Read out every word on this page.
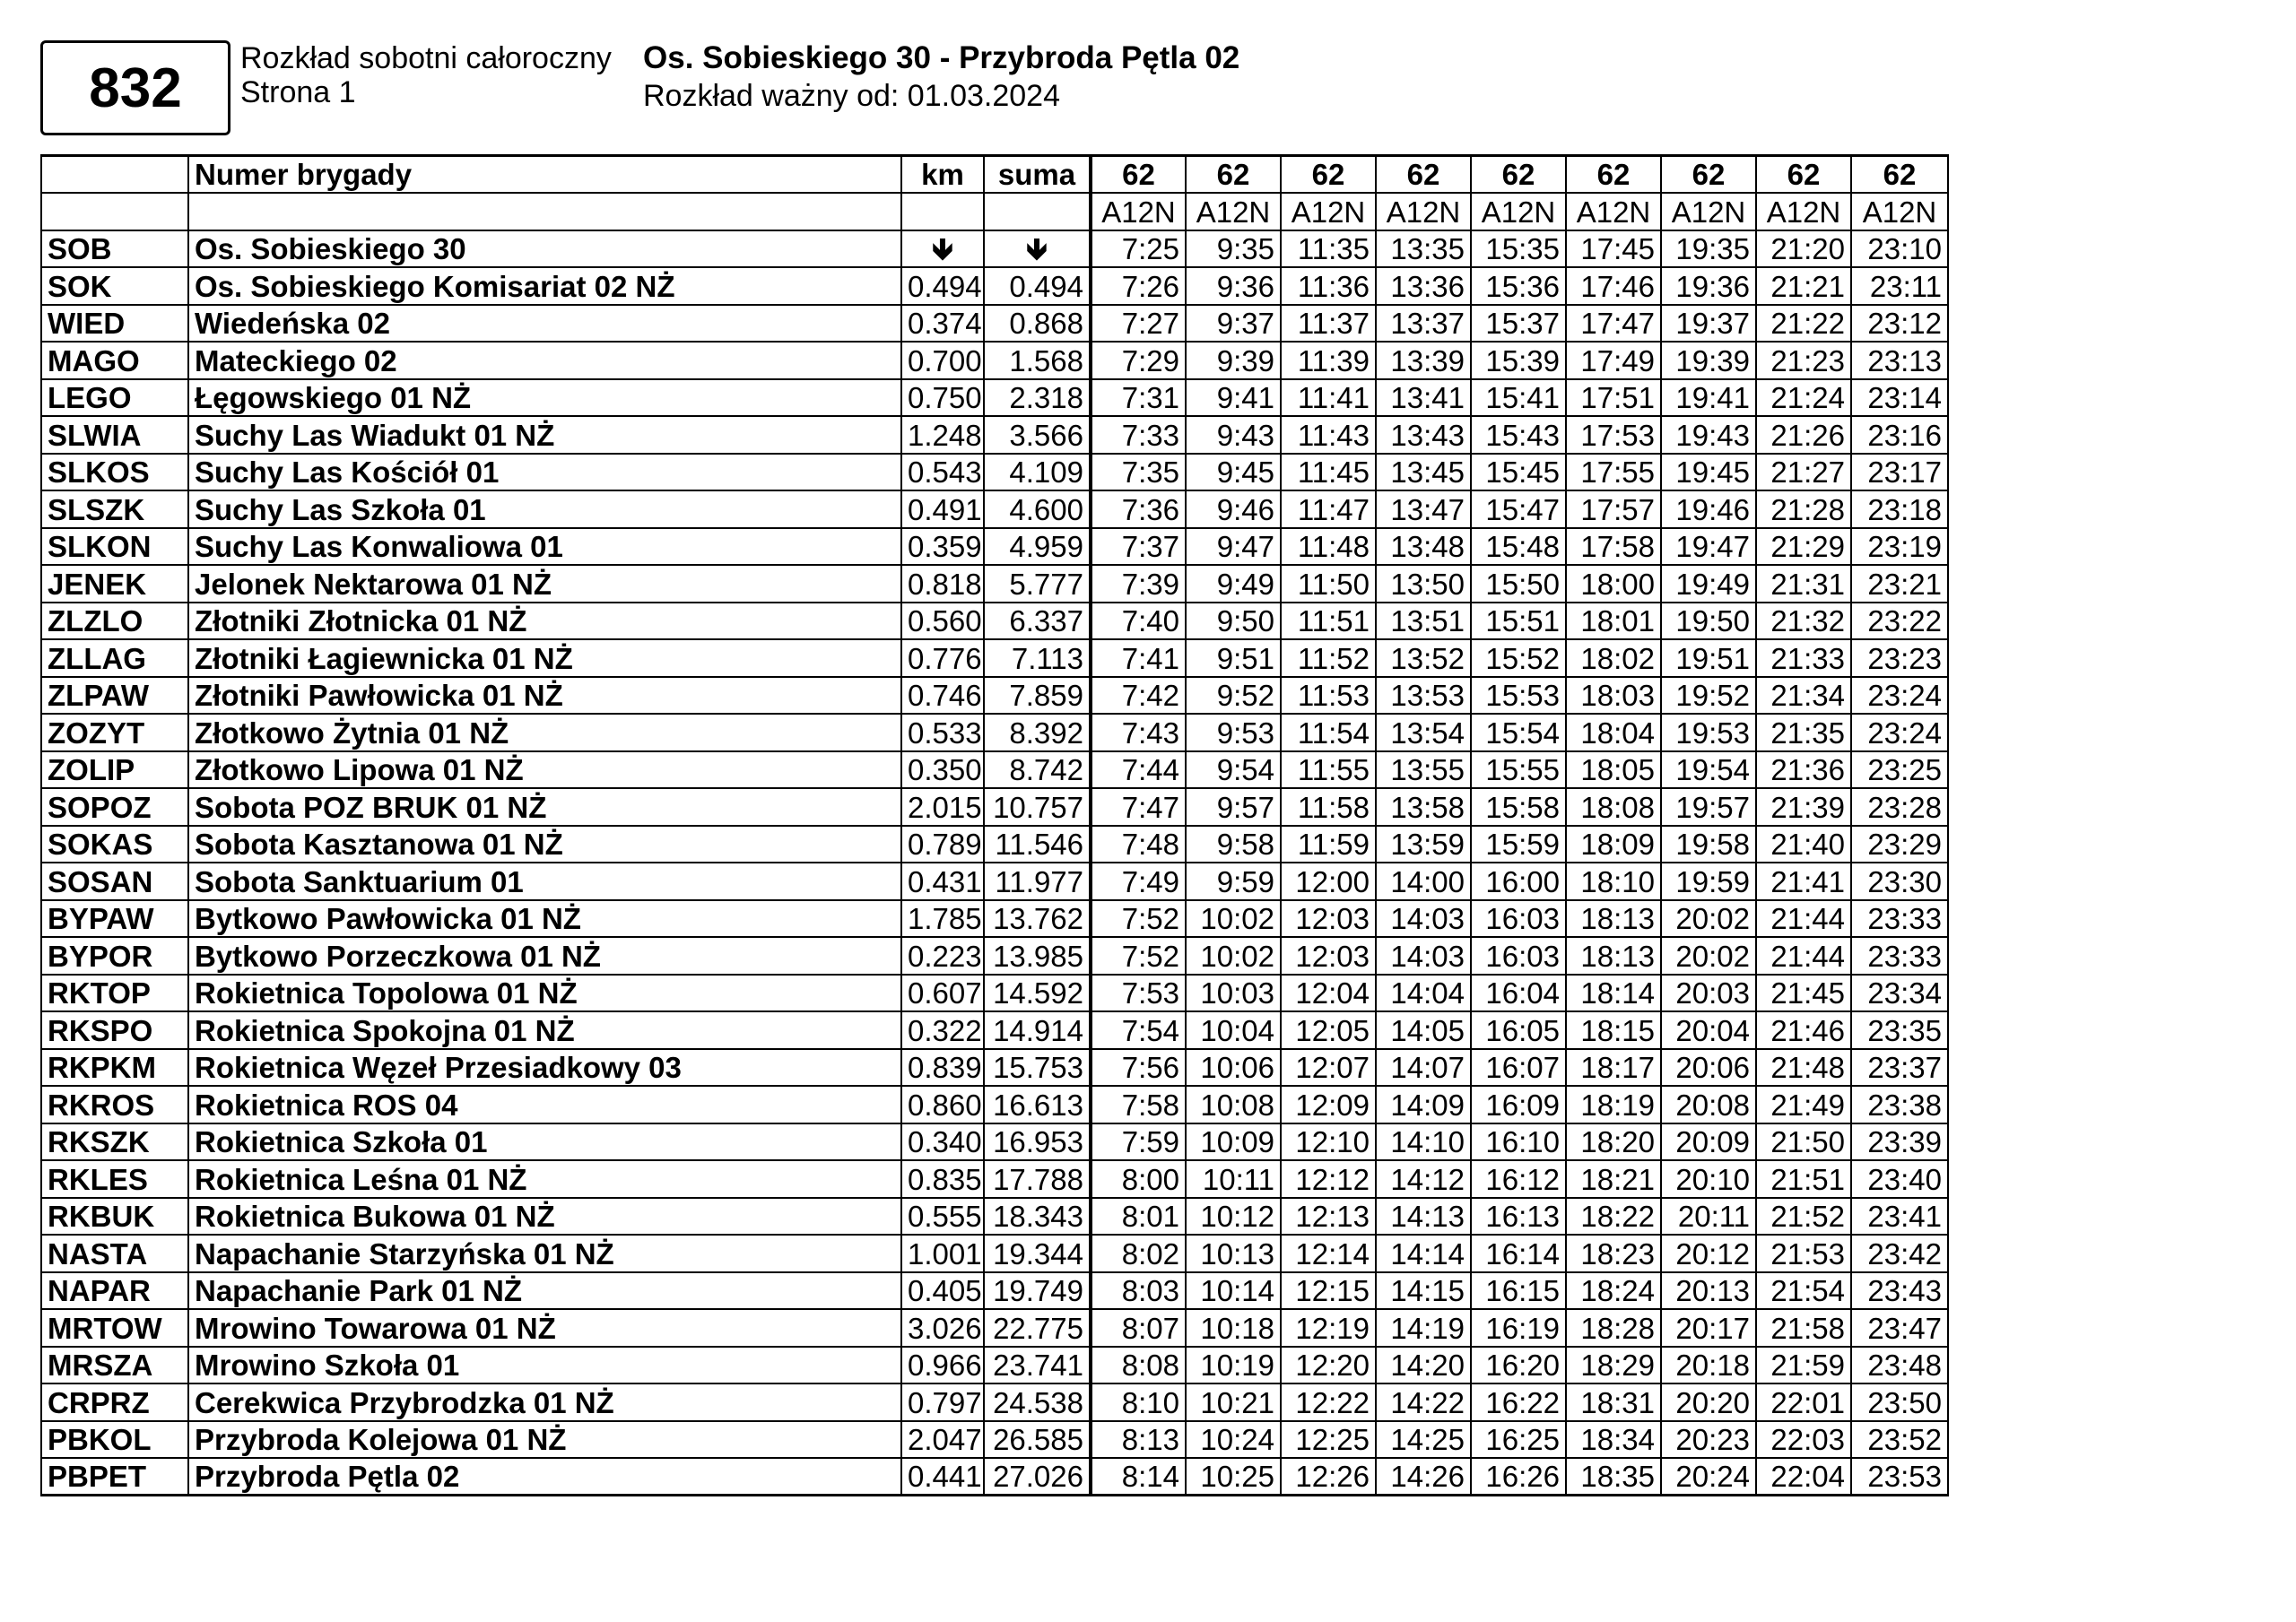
832 Rozkład sobotni całoroczny
Strona 1
Os. Sobieskiego 30 - Przybroda Pętla 02
Rozkład ważny od: 01.03.2024
	Numer brygady	km	suma	62	62	62	62	62	62	62	62	62
				A12N	A12N	A12N	A12N	A12N	A12N	A12N	A12N	A12N
SOB	Os. Sobieskiego 30	🡻	🡻	7:25	9:35	11:35	13:35	15:35	17:45	19:35	21:20	23:10
SOK	Os. Sobieskiego Komisariat 02 NŻ	0.494	0.494	7:26	9:36	11:36	13:36	15:36	17:46	19:36	21:21	23:11
WIED	Wiedeńska 02	0.374	0.868	7:27	9:37	11:37	13:37	15:37	17:47	19:37	21:22	23:12
MAGO	Mateckiego 02	0.700	1.568	7:29	9:39	11:39	13:39	15:39	17:49	19:39	21:23	23:13
LEGO	Łęgowskiego 01 NŻ	0.750	2.318	7:31	9:41	11:41	13:41	15:41	17:51	19:41	21:24	23:14
SLWIA	Suchy Las Wiadukt 01 NŻ	1.248	3.566	7:33	9:43	11:43	13:43	15:43	17:53	19:43	21:26	23:16
SLKOS	Suchy Las Kościół 01	0.543	4.109	7:35	9:45	11:45	13:45	15:45	17:55	19:45	21:27	23:17
SLSZK	Suchy Las Szkoła 01	0.491	4.600	7:36	9:46	11:47	13:47	15:47	17:57	19:46	21:28	23:18
SLKON	Suchy Las Konwaliowa 01	0.359	4.959	7:37	9:47	11:48	13:48	15:48	17:58	19:47	21:29	23:19
JENEK	Jelonek Nektarowa 01 NŻ	0.818	5.777	7:39	9:49	11:50	13:50	15:50	18:00	19:49	21:31	23:21
ZLZLO	Złotniki Złotnicka 01 NŻ	0.560	6.337	7:40	9:50	11:51	13:51	15:51	18:01	19:50	21:32	23:22
ZLLAG	Złotniki Łagiewnicka 01 NŻ	0.776	7.113	7:41	9:51	11:52	13:52	15:52	18:02	19:51	21:33	23:23
ZLPAW	Złotniki Pawłowicka 01 NŻ	0.746	7.859	7:42	9:52	11:53	13:53	15:53	18:03	19:52	21:34	23:24
ZOZYT	Złotkowo Żytnia 01 NŻ	0.533	8.392	7:43	9:53	11:54	13:54	15:54	18:04	19:53	21:35	23:24
ZOLIP	Złotkowo Lipowa 01 NŻ	0.350	8.742	7:44	9:54	11:55	13:55	15:55	18:05	19:54	21:36	23:25
SOPOZ	Sobota POZ BRUK 01 NŻ	2.015	10.757	7:47	9:57	11:58	13:58	15:58	18:08	19:57	21:39	23:28
SOKAS	Sobota Kasztanowa 01 NŻ	0.789	11.546	7:48	9:58	11:59	13:59	15:59	18:09	19:58	21:40	23:29
SOSAN	Sobota Sanktuarium 01	0.431	11.977	7:49	9:59	12:00	14:00	16:00	18:10	19:59	21:41	23:30
BYPAW	Bytkowo Pawłowicka 01 NŻ	1.785	13.762	7:52	10:02	12:03	14:03	16:03	18:13	20:02	21:44	23:33
BYPOR	Bytkowo Porzeczkowa 01 NŻ	0.223	13.985	7:52	10:02	12:03	14:03	16:03	18:13	20:02	21:44	23:33
RKTOP	Rokietnica Topolowa 01 NŻ	0.607	14.592	7:53	10:03	12:04	14:04	16:04	18:14	20:03	21:45	23:34
RKSPO	Rokietnica Spokojna 01 NŻ	0.322	14.914	7:54	10:04	12:05	14:05	16:05	18:15	20:04	21:46	23:35
RKPKM	Rokietnica Węzeł Przesiadkowy 03	0.839	15.753	7:56	10:06	12:07	14:07	16:07	18:17	20:06	21:48	23:37
RKROS	Rokietnica ROS 04	0.860	16.613	7:58	10:08	12:09	14:09	16:09	18:19	20:08	21:49	23:38
RKSZK	Rokietnica Szkoła 01	0.340	16.953	7:59	10:09	12:10	14:10	16:10	18:20	20:09	21:50	23:39
RKLES	Rokietnica Leśna 01 NŻ	0.835	17.788	8:00	10:11	12:12	14:12	16:12	18:21	20:10	21:51	23:40
RKBUK	Rokietnica Bukowa 01 NŻ	0.555	18.343	8:01	10:12	12:13	14:13	16:13	18:22	20:11	21:52	23:41
NASTA	Napachanie Starzyńska 01 NŻ	1.001	19.344	8:02	10:13	12:14	14:14	16:14	18:23	20:12	21:53	23:42
NAPAR	Napachanie Park 01 NŻ	0.405	19.749	8:03	10:14	12:15	14:15	16:15	18:24	20:13	21:54	23:43
MRTOW	Mrowino Towarowa 01 NŻ	3.026	22.775	8:07	10:18	12:19	14:19	16:19	18:28	20:17	21:58	23:47
MRSZA	Mrowino Szkoła 01	0.966	23.741	8:08	10:19	12:20	14:20	16:20	18:29	20:18	21:59	23:48
CRPRZ	Cerekwica Przybrodzka 01 NŻ	0.797	24.538	8:10	10:21	12:22	14:22	16:22	18:31	20:20	22:01	23:50
PBKOL	Przybroda Kolejowa 01 NŻ	2.047	26.585	8:13	10:24	12:25	14:25	16:25	18:34	20:23	22:03	23:52
PBPET	Przybroda Pętla 02	0.441	27.026	8:14	10:25	12:26	14:26	16:26	18:35	20:24	22:04	23:53
